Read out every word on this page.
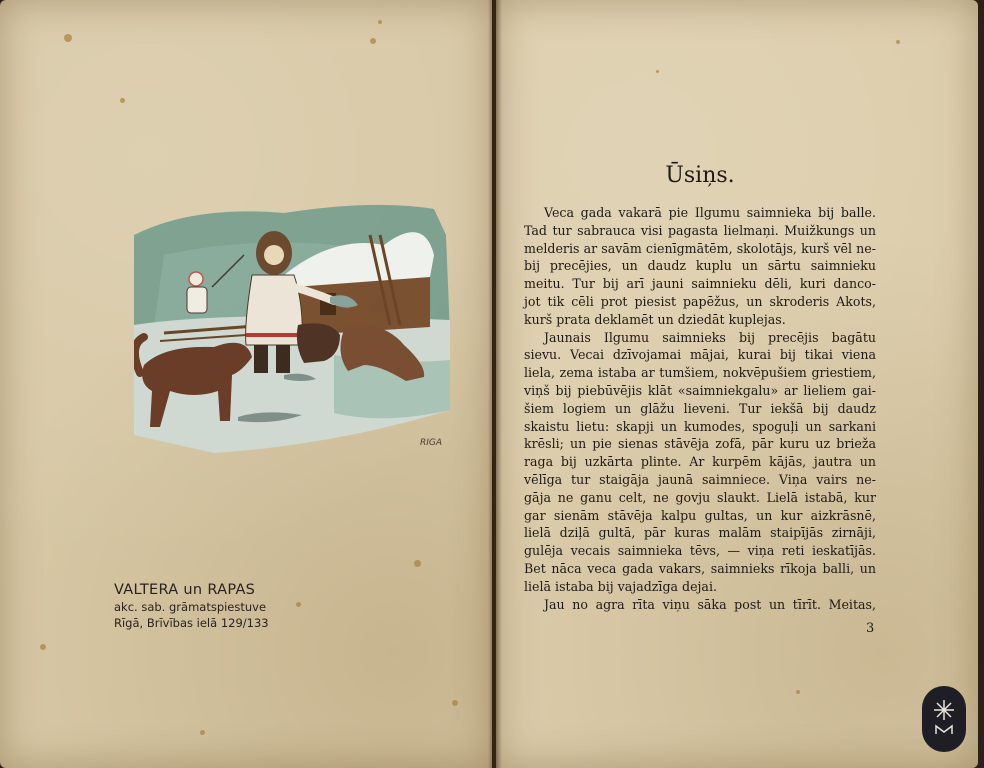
RIGA
VALTERA un RAPAS
akc. sab. grāmatspiestuve
Rīgā, Brīvības ielā 129/133
Ūsiņs.
Veca gada vakarā pie Ilgumu saimnieka bij balle.
Tad tur sabrauca visi pagasta lielmaņi. Muižkungs un
melderis ar savām cienīgmātēm, skolotājs, kurš vēl ne-
bij precējies, un daudz kuplu un sārtu saimnieku
meitu. Tur bij arī jauni saimnieku dēli, kuri danco-
jot tik cēli prot piesist papēžus, un skroderis Akots,
kurš prata deklamēt un dziedāt kuplejas.
Jaunais Ilgumu saimnieks bij precējis bagātu
sievu. Vecai dzīvojamai mājai, kurai bij tikai viena
liela, zema istaba ar tumšiem, nokvēpušiem griestiem,
viņš bij piebūvējis klāt «saimniekgalu» ar lieliem gai-
šiem logiem un glāžu lieveni. Tur iekšā bij daudz
skaistu lietu: skapji un kumodes, spoguļi un sarkani
krēsli; un pie sienas stāvēja zofā, pār kuru uz brieža
raga bij uzkārta plinte. Ar kurpēm kājās, jautra un
vēlīga tur staigāja jaunā saimniece. Viņa vairs ne-
gāja ne ganu celt, ne govju slaukt. Lielā istabā, kur
gar sienām stāvēja kalpu gultas, un kur aizkrāsnē,
lielā dziļā gultā, pār kuras malām staipījās zirnāji,
gulēja vecais saimnieka tēvs, — viņa reti ieskatījās.
Bet nāca veca gada vakars, saimnieks rīkoja balli, un
lielā istaba bij vajadzīga dejai.
Jau no agra rīta viņu sāka post un tīrīt. Meitas,
3
